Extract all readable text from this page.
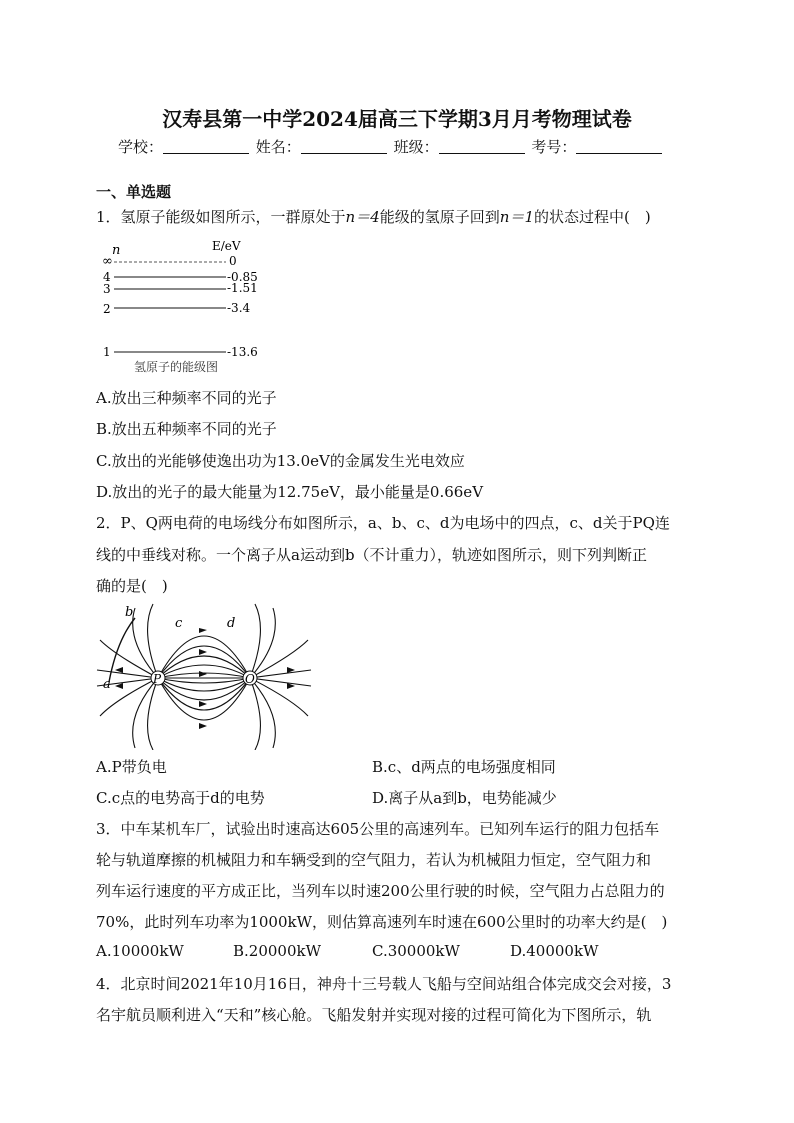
汉寿县第一中学2024届高三下学期3月月考物理试卷
学校：	姓名：	班级：	考号：
一、单选题
1．氢原子能级如图所示，一群原处于n＝4能级的氢原子回到n＝1的状态过程中(　)
n	E/eV
∞	0
4	-0.85
3	-1.51
2	-3.4
1	-13.6
氢原子的能级图
A.放出三种频率不同的光子
B.放出五种频率不同的光子
C.放出的光能够使逸出功为13.0eV的金属发生光电效应
D.放出的光子的最大能量为12.75eV，最小能量是0.66eV
2．P、Q两电荷的电场线分布如图所示，a、b、c、d为电场中的四点，c、d关于PQ连
线的中垂线对称。一个离子从a运动到b（不计重力），轨迹如图所示，则下列判断正
确的是(　)
P	O
b
c	d
a
A.P带负电	B.c、d两点的电场强度相同
C.c点的电势高于d的电势	D.离子从a到b，电势能减少
3．中车某机车厂，试验出时速高达605公里的高速列车。已知列车运行的阻力包括车
轮与轨道摩擦的机械阻力和车辆受到的空气阻力，若认为机械阻力恒定，空气阻力和
列车运行速度的平方成正比，当列车以时速200公里行驶的时候，空气阻力占总阻力的
70%，此时列车功率为1000kW，则估算高速列车时速在600公里时的功率大约是(　)
A.10000kW	B.20000kW	C.30000kW	D.40000kW
4．北京时间2021年10月16日，神舟十三号载人飞船与空间站组合体完成交会对接，3
名宇航员顺利进入“天和”核心舱。飞船发射并实现对接的过程可简化为下图所示，轨
